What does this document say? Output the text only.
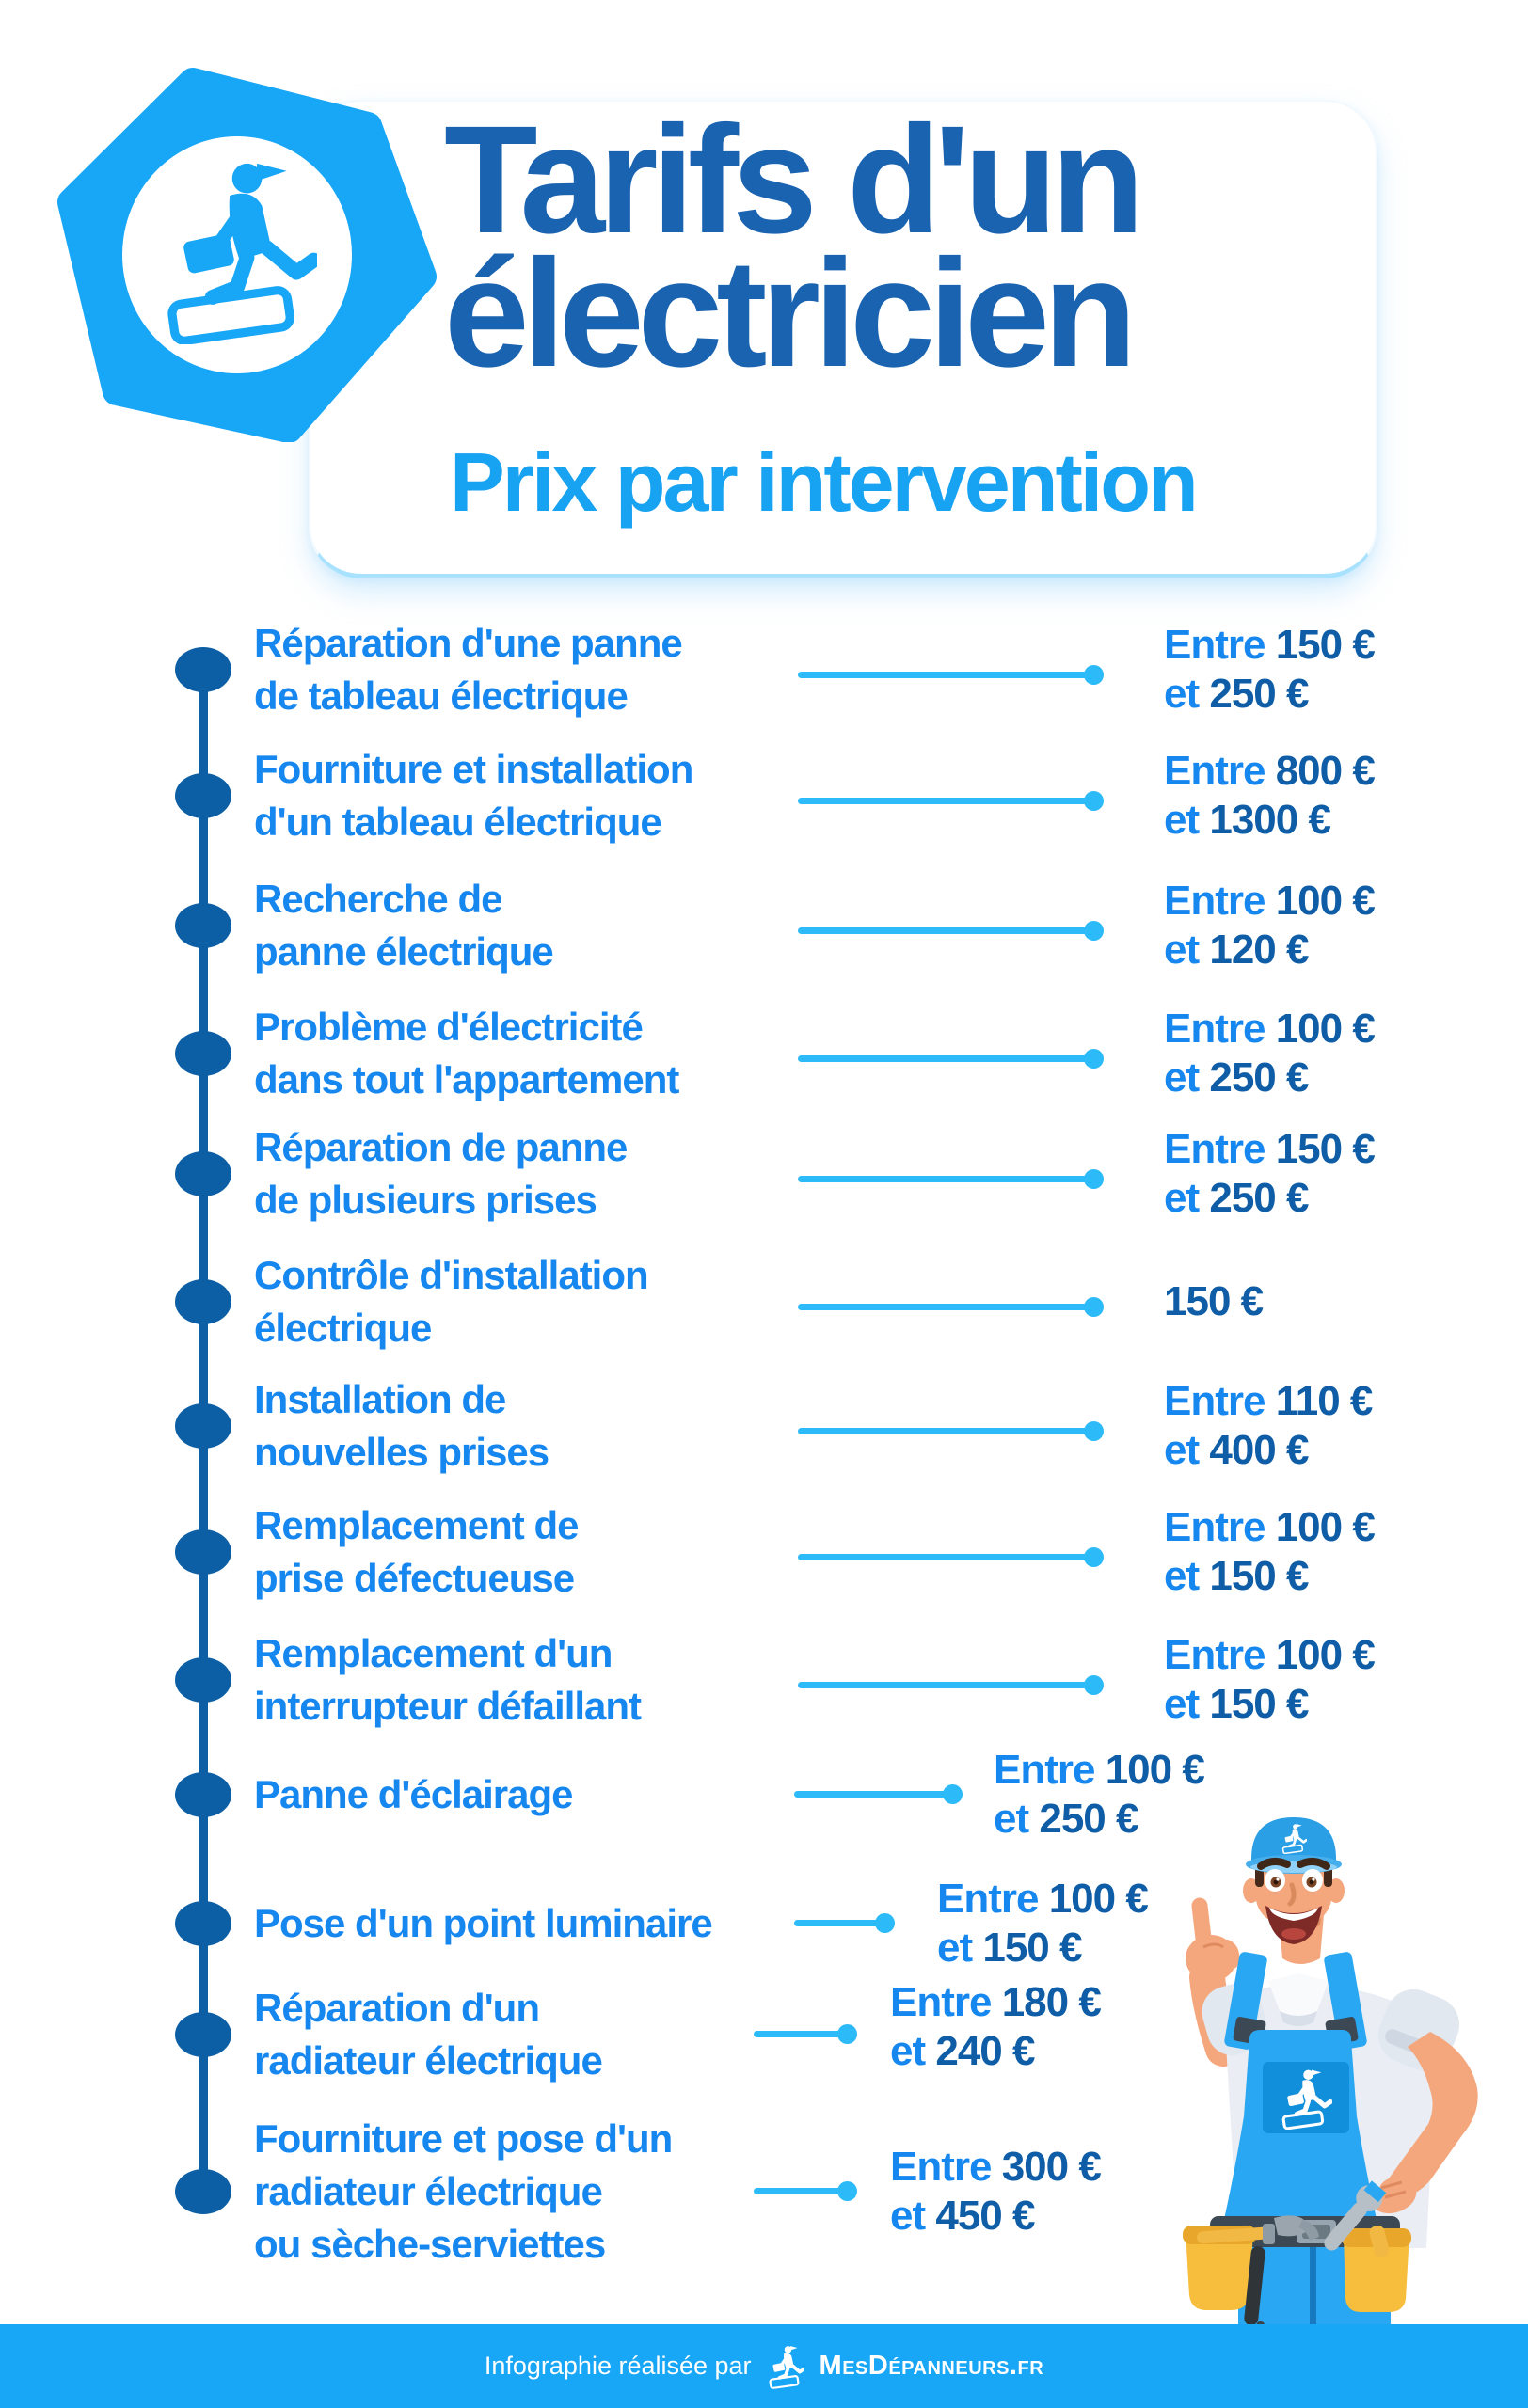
Tarifs d'un
électricien
Prix par intervention
Réparation d'une panne
de tableau électrique
Entre 150 €
et 250 €
Fourniture et installation
d'un tableau électrique
Entre 800 €
et 1300 €
Recherche de
panne électrique
Entre 100 €
et 120 €
Problème d'électricité
dans tout l'appartement
Entre 100 €
et 250 €
Réparation de panne
de plusieurs prises
Entre 150 €
et 250 €
Contrôle d'installation
électrique
150 €
Installation de
nouvelles prises
Entre 110 €
et 400 €
Remplacement de
prise défectueuse
Entre 100 €
et 150 €
Remplacement d'un
interrupteur défaillant
Entre 100 €
et 150 €
Panne d'éclairage
Entre 100 €
et 250 €
Pose d'un point luminaire
Entre 100 €
et 150 €
Réparation d'un
radiateur électrique
Entre 180 €
et 240 €
Fourniture et pose d'un
radiateur électrique
ou sèche-serviettes
Entre 300 €
et 450 €
Infographie réalisée par MesDépanneurs.fr
